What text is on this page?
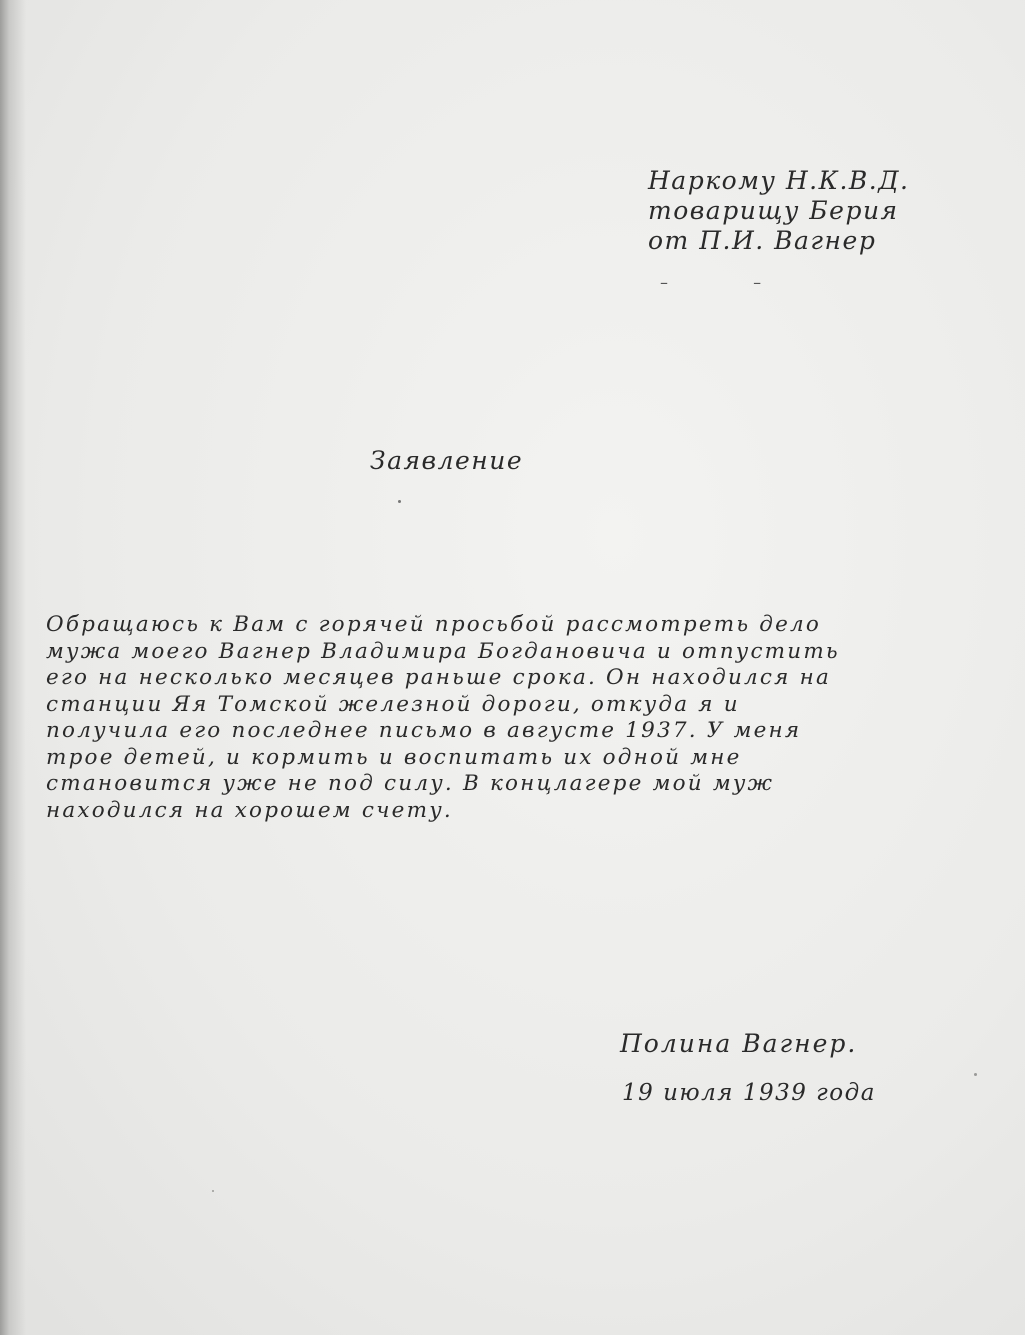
Наркому Н.К.В.Д.
товарищу Берия
от П.И. Вагнер
– –
Заявление
Обращаюсь к Вам с горячей просьбой рассмотреть дело
мужа моего Вагнер Владимира Богдановича и отпустить
его на несколько месяцев раньше срока. Он находился на
станции Яя Томской железной дороги, откуда я и
получила его последнее письмо в августе 1937. У меня
трое детей, и кормить и воспитать их одной мне
становится уже не под силу. В концлагере мой муж
находился на хорошем счету.
Полина Вагнер.
19 июля 1939 года
